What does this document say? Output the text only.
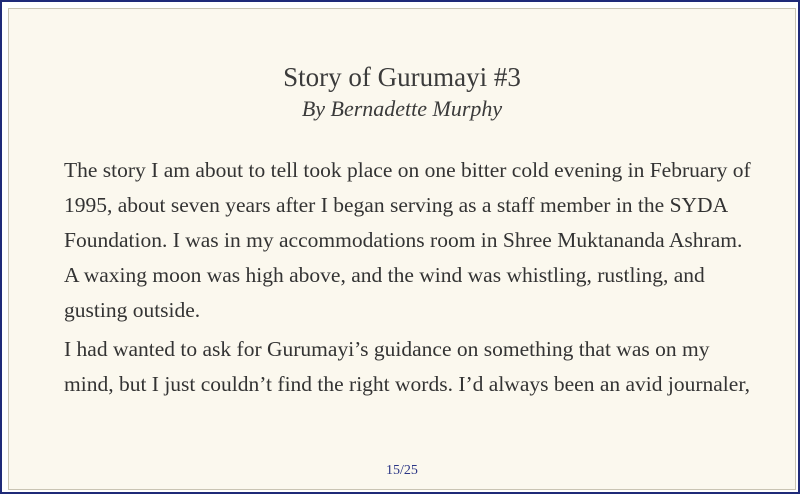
Story of Gurumayi #3
By Bernadette Murphy

The story I am about to tell took place on one bitter cold evening in February of 1995, about seven years after I began serving as a staff member in the SYDA Foundation. I was in my accommodations room in Shree Muktananda Ashram. A waxing moon was high above, and the wind was whistling, rustling, and gusting outside.

I had wanted to ask for Gurumayi’s guidance on something that was on my mind, but I just couldn’t find the right words. I’d always been an avid journaler,

15/25
